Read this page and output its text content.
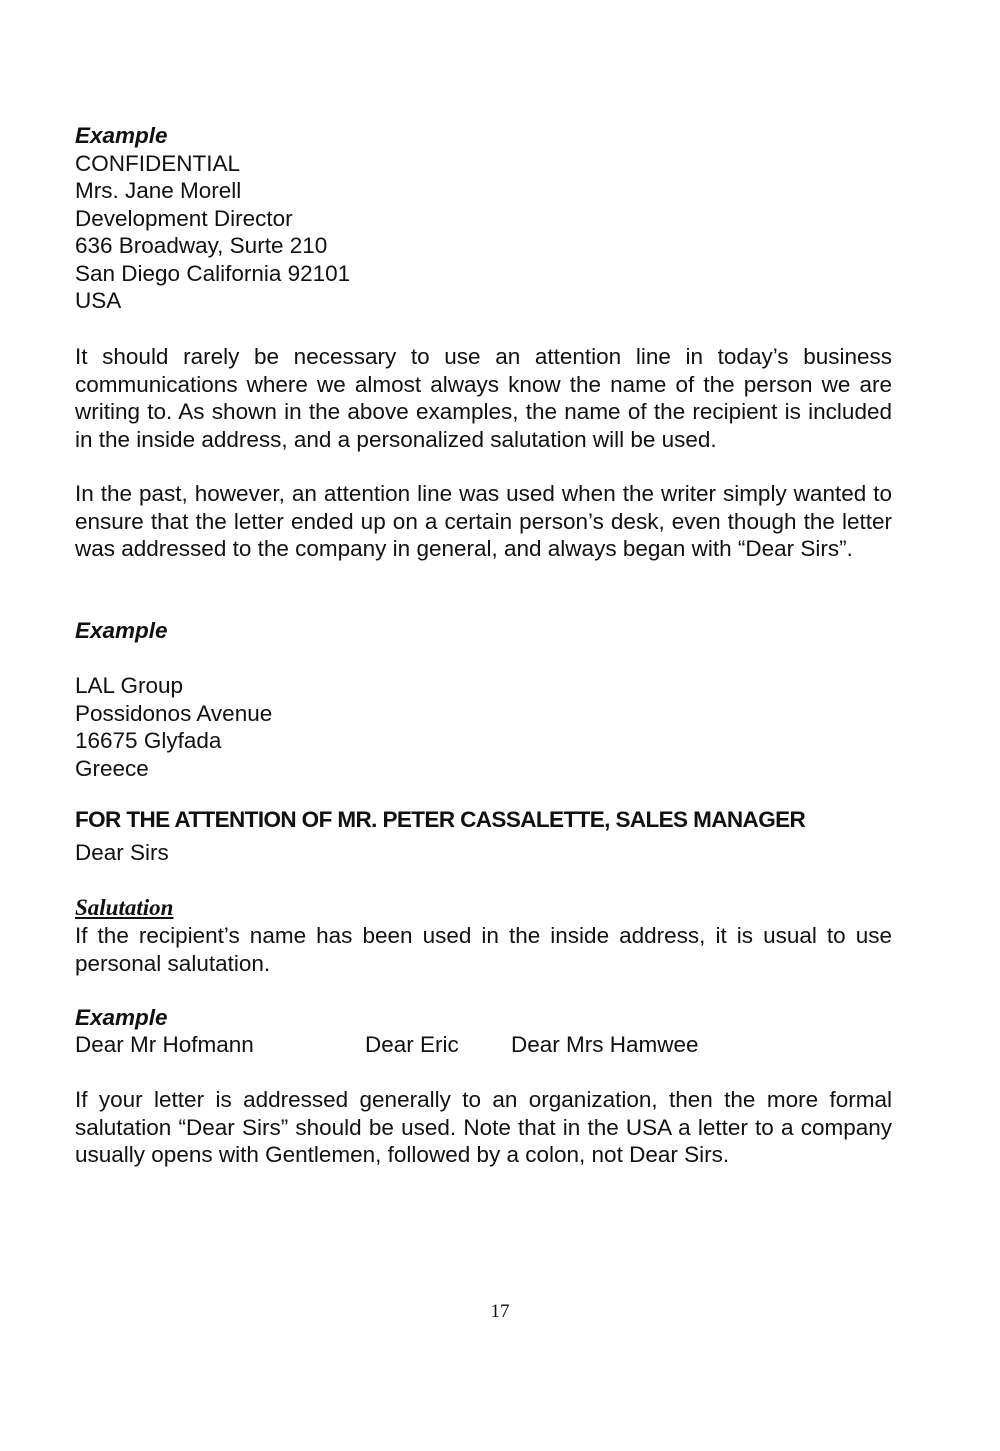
Example
CONFIDENTIAL
Mrs. Jane Morell
Development Director
636 Broadway, Surte 210
San Diego California 92101
USA
It should rarely be necessary to use an attention line in today’s business communications where we almost always know the name of the person we are writing to. As shown in the above examples, the name of the recipient is included in the inside address, and a personalized salutation will be used.
In the past, however, an attention line was used when the writer simply wanted to ensure that the letter ended up on a certain person’s desk, even though the letter was addressed to the company in general, and always began with “Dear Sirs”.
Example
LAL Group
Possidonos Avenue
16675 Glyfada
Greece
FOR THE ATTENTION OF MR. PETER CASSALETTE, SALES MANAGER
Dear Sirs
Salutation
If the recipient’s name has been used in the inside address, it is usual to use personal salutation.
Example
Dear Mr Hofmann	Dear Eric Dear Mrs Hamwee
If your letter is addressed generally to an organization, then the more formal salutation “Dear Sirs” should be used. Note that in the USA a letter to a company usually opens with Gentlemen, followed by a colon, not Dear Sirs.
17
